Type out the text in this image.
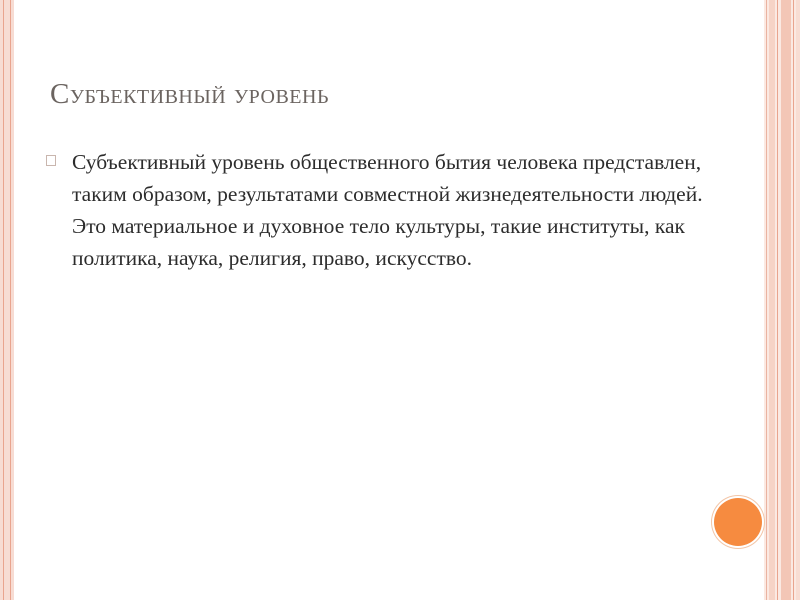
Субъективный уровень
Субъективный уровень общественного бытия человека представлен, таким образом, результатами совместной жизнедеятельности людей. Это материальное и духовное тело культуры, такие институты, как политика, наука, религия, право, искусство.
